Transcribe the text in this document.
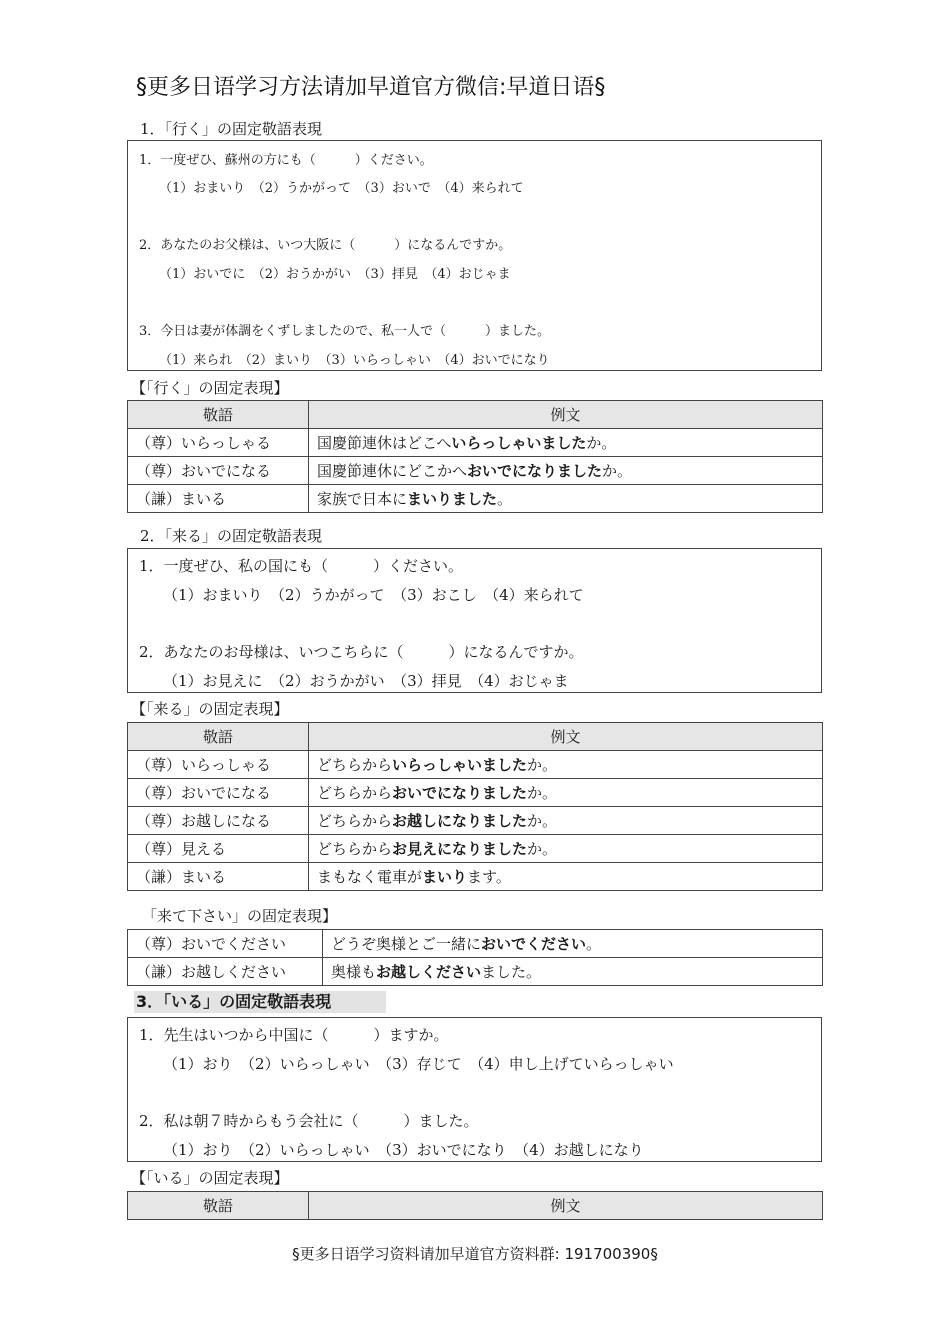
§更多日语学习方法请加早道官方微信:早道日语§
1．「行く」の固定敬語表現
1．一度ぜひ、蘇州の方にも（　　　）ください。
（1）おまいり　（2）うかがって　（3）おいで　（4）来られて
2．あなたのお父様は、いつ大阪に（　　　）になるんですか。
（1）おいでに　（2）おうかがい　（3）拝見　（4）おじゃま
3．今日は妻が体調をくずしましたので、私一人で（　　　）ました。
（1）来られ　（2）まいり　（3）いらっしゃい　（4）おいでになり
【「行く」の固定表現】
敬語	例文
（尊）いらっしゃる	国慶節連休はどこへいらっしゃいましたか。
（尊）おいでになる	国慶節連休にどこかへおいでになりましたか。
（謙）まいる	家族で日本にまいりました。
2．「来る」の固定敬語表現
1．一度ぜひ、私の国にも（　　　）ください。
（1）おまいり　（2）うかがって　（3）おこし　（4）来られて
2．あなたのお母様は、いつこちらに（　　　）になるんですか。
（1）お見えに　（2）おうかがい　（3）拝見　（4）おじゃま
【「来る」の固定表現】
敬語	例文
（尊）いらっしゃる	どちらからいらっしゃいましたか。
（尊）おいでになる	どちらからおいでになりましたか。
（尊）お越しになる	どちらからお越しになりましたか。
（尊）見える	どちらからお見えになりましたか。
（謙）まいる	まもなく電車がまいります。
「来て下さい」の固定表現】
（尊）おいでください	どうぞ奥様とご一緒においでください。
（謙）お越しください	奥様もお越しくださいました。
3．「いる」の固定敬語表現
1．先生はいつから中国に（　　　）ますか。
（1）おり　（2）いらっしゃい　（3）存じて　（4）申し上げていらっしゃい
2．私は朝７時からもう会社に（　　　）ました。
（1）おり　（2）いらっしゃい　（3）おいでになり　（4）お越しになり
【「いる」の固定表現】
敬語	例文
§更多日语学习资料请加早道官方资料群: 191700390§
